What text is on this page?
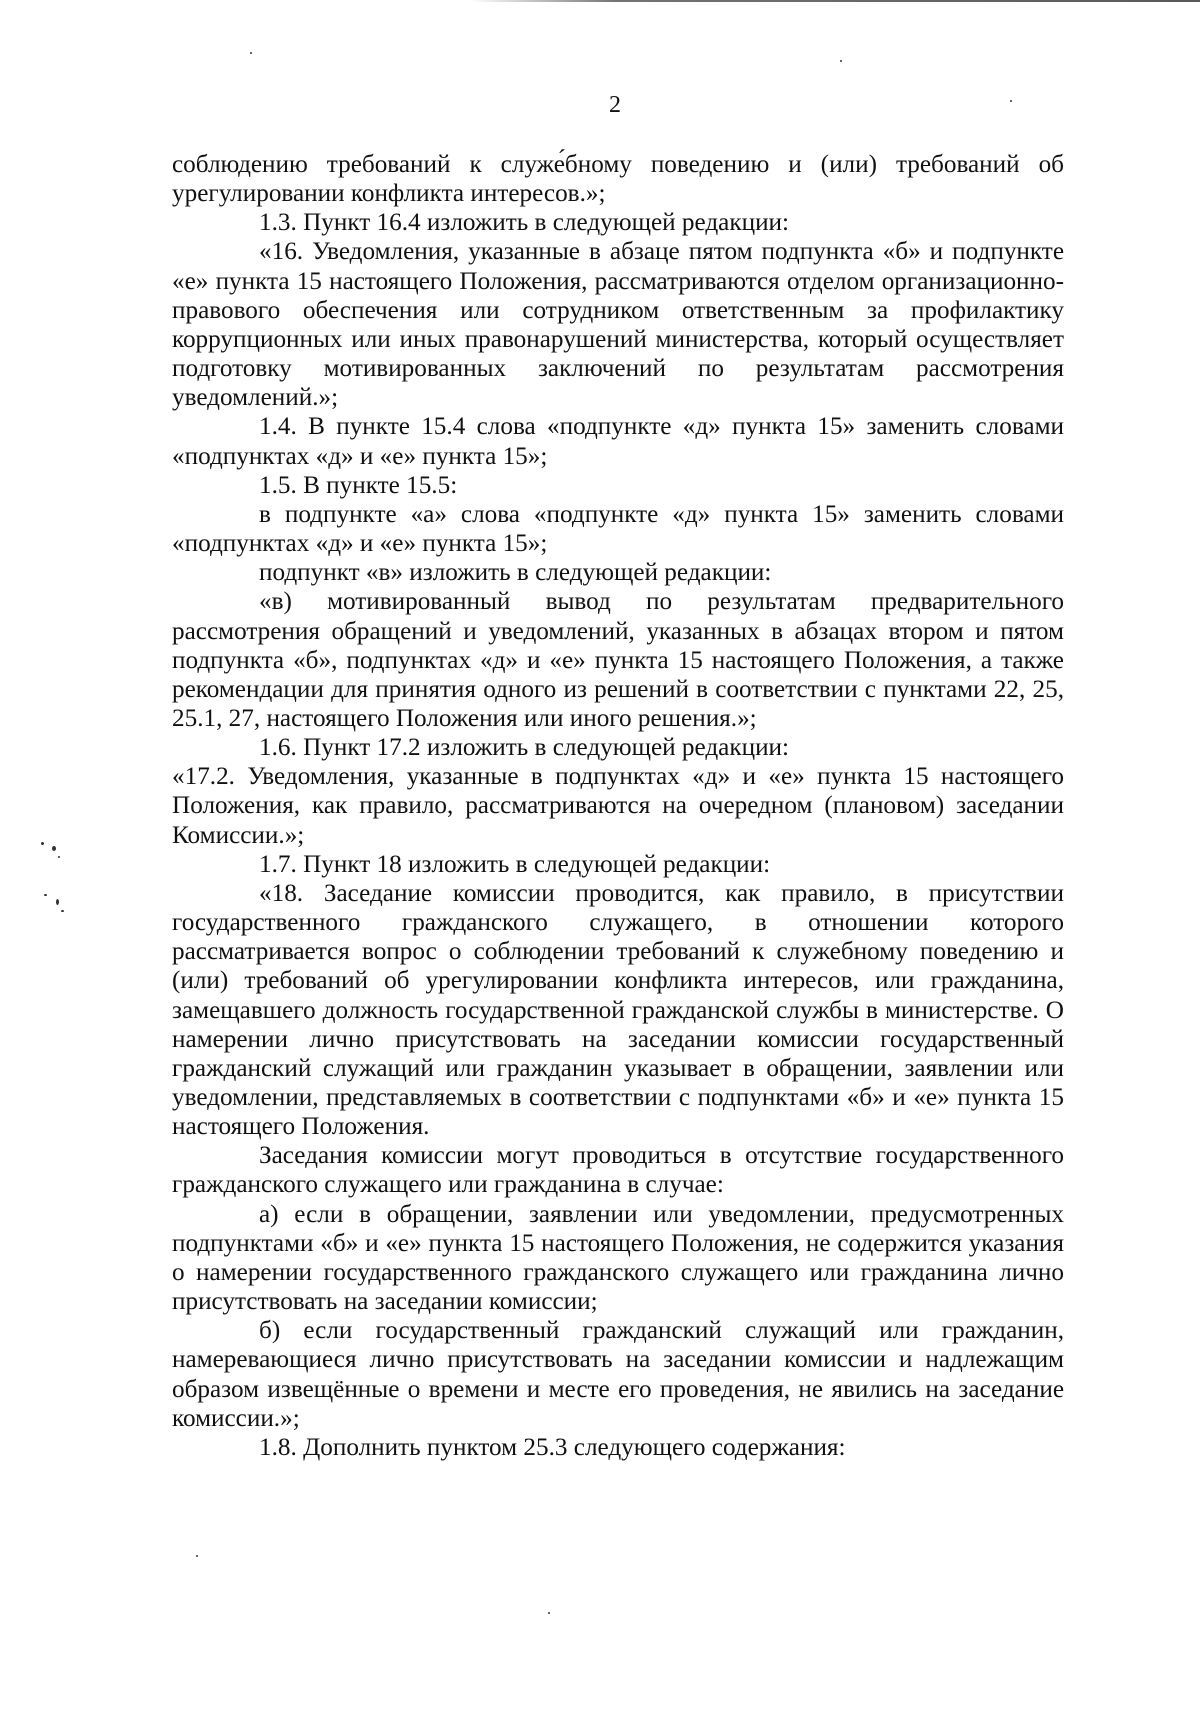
2

соблюдению требований к служе́бному поведению и (или) требований об урегулировании конфликта интересов.»;

1.3. Пункт 16.4 изложить в следующей редакции:

«16. Уведомления, указанные в абзаце пятом подпункта «б» и подпункте «е» пункта 15 настоящего Положения, рассматриваются отделом организационно- правового обеспечения или сотрудником ответственным за профилактику коррупционных или иных правонарушений министерства, который осуществляет подготовку мотивированных заключений по результатам рассмотрения уведомлений.»;

1.4. В пункте 15.4 слова «подпункте «д» пункта 15» заменить словами «подпунктах «д» и «е» пункта 15»;

1.5. В пункте 15.5:

в подпункте «а» слова «подпункте «д» пункта 15» заменить словами «подпунктах «д» и «е» пункта 15»;

подпункт «в» изложить в следующей редакции:

«в) мотивированный вывод по результатам предварительного рассмотрения обращений и уведомлений, указанных в абзацах втором и пятом подпункта «б», подпунктах «д» и «е» пункта 15 настоящего Положения, а также рекомендации для принятия одного из решений в соответствии с пунктами 22, 25, 25.1, 27, настоящего Положения или иного решения.»;

1.6. Пункт 17.2 изложить в следующей редакции:

«17.2. Уведомления, указанные в подпунктах «д» и «е» пункта 15 настоящего Положения, как правило, рассматриваются на очередном (плановом) заседании Комиссии.»;

1.7. Пункт 18 изложить в следующей редакции:

«18. Заседание комиссии проводится, как правило, в присутствии государственного гражданского служащего, в отношении которого рассматривается вопрос о соблюдении требований к служебному поведению и (или) требований об урегулировании конфликта интересов, или гражданина, замещавшего должность государственной гражданской службы в министерстве. О намерении лично присутствовать на заседании комиссии государственный гражданский служащий или гражданин указывает в обращении, заявлении или уведомлении, представляемых в соответствии с подпунктами «б» и «е» пункта 15 настоящего Положения.

Заседания комиссии могут проводиться в отсутствие государственного гражданского служащего или гражданина в случае:

а) если в обращении, заявлении или уведомлении, предусмотренных подпунктами «б» и «е» пункта 15 настоящего Положения, не содержится указания о намерении государственного гражданского служащего или гражданина лично присутствовать на заседании комиссии;

б) если государственный гражданский служащий или гражданин, намеревающиеся лично присутствовать на заседании комиссии и надлежащим образом извещённые о времени и месте его проведения, не явились на заседание комиссии.»;

1.8. Дополнить пунктом 25.3 следующего содержания:
